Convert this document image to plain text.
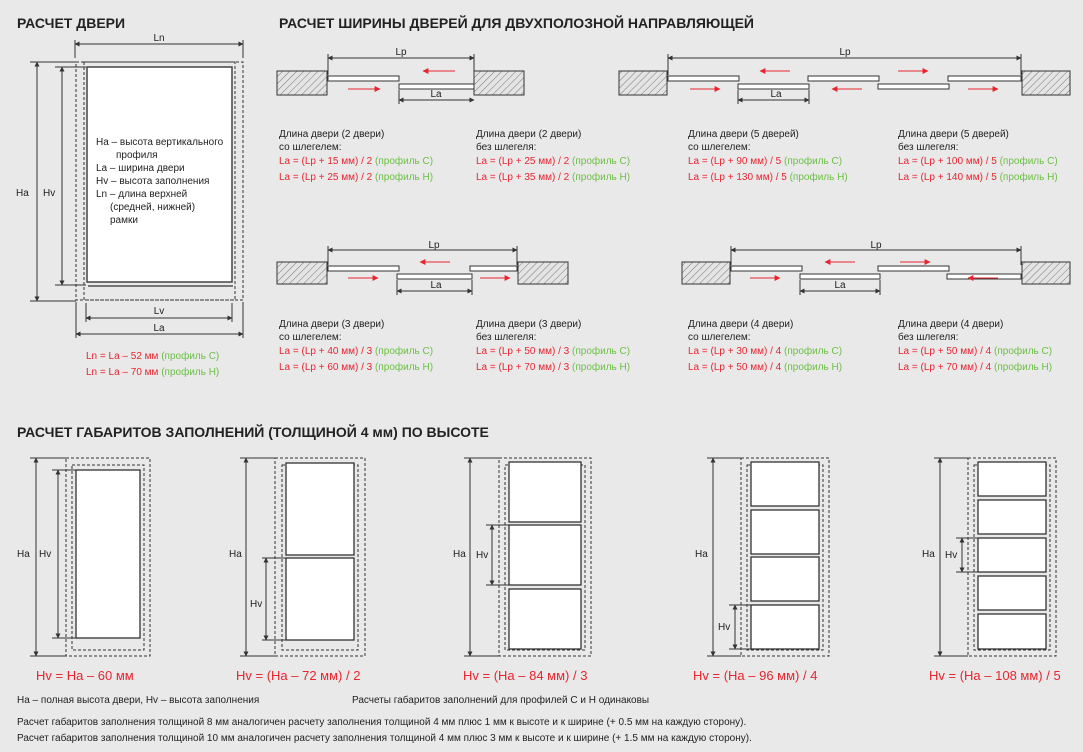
РАСЧЕТ ДВЕРИ	РАСЧЕТ ШИРИНЫ ДВЕРЕЙ ДЛЯ ДВУХПОЛОЗНОЙ НАПРАВЛЯЮЩЕЙ
РАСЧЕТ ГАБАРИТОВ ЗАПОЛНЕНИЙ (ТОЛЩИНОЙ 4 мм) ПО ВЫСОТЕ
Ln
Ha Hv
Lv
La
Lp
La
Lp
La
Lp
La
Lp
La
Ha Hv	Ha
Hv
Ha Hv	Ha
Hv
Ha Hv
Ha – высота вертикального
профиля
La – ширина двери
Hv – высота заполнения
Ln – длина верхней
(средней, нижней)
рамки
Ln = La – 52 мм (профиль С)
Ln = La – 70 мм (профиль Н)
Длина двери (2 двери)
со шлегелем:
La = (Lp + 15 мм) / 2 (профиль С)
La = (Lp + 25 мм) / 2 (профиль Н)
Длина двери (2 двери)
без шлегеля:
La = (Lp + 25 мм) / 2 (профиль С)
La = (Lp + 35 мм) / 2 (профиль Н)
Длина двери (5 дверей)
со шлегелем:
La = (Lp + 90 мм) / 5 (профиль С)
La = (Lp + 130 мм) / 5 (профиль Н)
Длина двери (5 дверей)
без шлегеля:
La = (Lp + 100 мм) / 5 (профиль С)
La = (Lp + 140 мм) / 5 (профиль Н)
Длина двери (3 двери)
со шлегелем:
La = (Lp + 40 мм) / 3 (профиль С)
La = (Lp + 60 мм) / 3 (профиль Н)
Длина двери (3 двери)
без шлегеля:
La = (Lp + 50 мм) / 3 (профиль С)
La = (Lp + 70 мм) / 3 (профиль Н)
Длина двери (4 двери)
со шлегелем:
La = (Lp + 30 мм) / 4 (профиль С)
La = (Lp + 50 мм) / 4 (профиль Н)
Длина двери (4 двери)
без шлегеля:
La = (Lp + 50 мм) / 4 (профиль С)
La = (Lp + 70 мм) / 4 (профиль Н)
Hv = Ha – 60 мм	Hv = (Ha – 72 мм) / 2	Hv = (Ha – 84 мм) / 3	Hv = (Ha – 96 мм) / 4	Hv = (Ha – 108 мм) / 5
Ha – полная высота двери, Hv – высота заполнения	Расчеты габаритов заполнений для профилей С и Н одинаковы
Расчет габаритов заполнения толщиной 8 мм аналогичен расчету заполнения толщиной 4 мм плюс 1 мм к высоте и к ширине (+ 0.5 мм на каждую сторону).
Расчет габаритов заполнения толщиной 10 мм аналогичен расчету заполнения толщиной 4 мм плюс 3 мм к высоте и к ширине (+ 1.5 мм на каждую сторону).
